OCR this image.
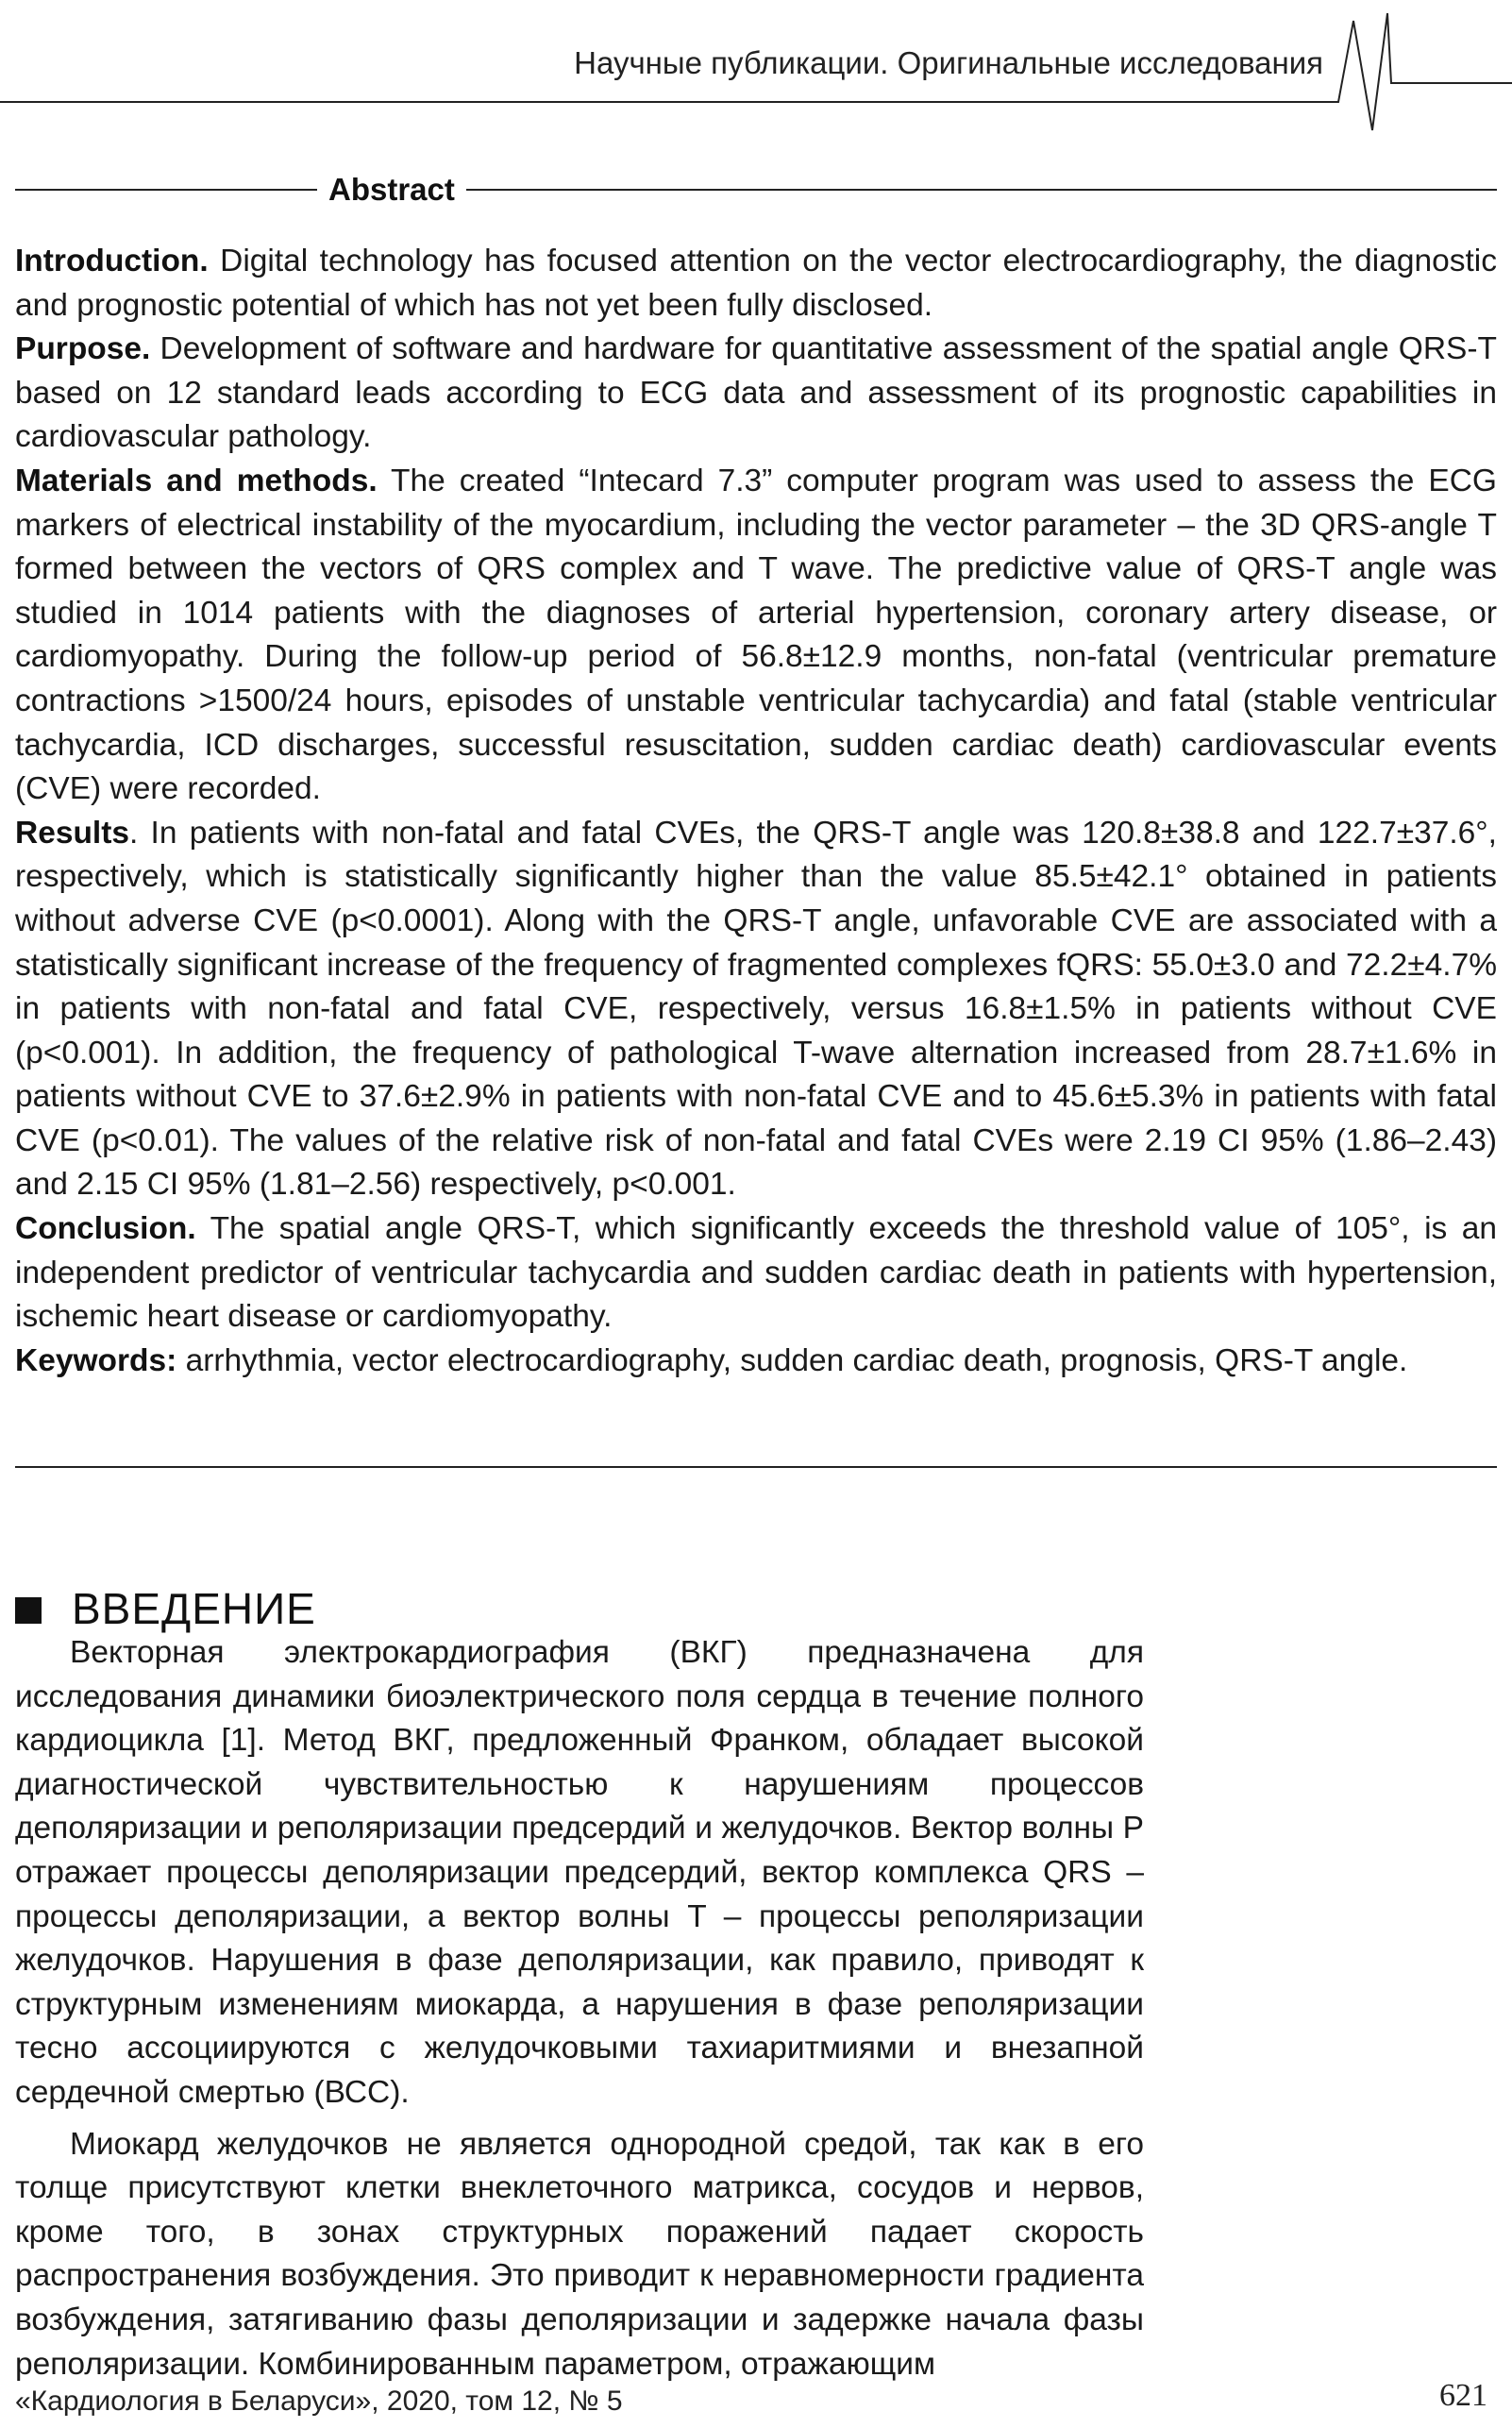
Научные публикации. Оригинальные исследования
Abstract

Introduction. Digital technology has focused attention on the vector electrocardiography, the diagnostic and prognostic potential of which has not yet been fully disclosed.

Purpose. Development of software and hardware for quantitative assessment of the spatial angle QRS-T based on 12 standard leads according to ECG data and assessment of its prognostic capabilities in cardiovascular pathology.

Materials and methods. The created “Intecard 7.3” computer program was used to assess the ECG markers of electrical instability of the myocardium, including the vector parameter – the 3D QRS-angle T formed between the vectors of QRS complex and T wave. The predictive value of QRS-T angle was studied in 1014 patients with the diagnoses of arterial hypertension, coronary artery disease, or cardiomyopathy. During the follow-up period of 56.8±12.9 months, non-fatal (ventricular premature contractions >1500/24 hours, episodes of unstable ventricular tachycardia) and fatal (stable ventricular tachycardia, ICD discharges, successful resuscitation, sudden cardiac death) cardiovascular events (CVE) were recorded.

Results. In patients with non-fatal and fatal CVEs, the QRS-T angle was 120.8±38.8 and 122.7±37.6°, respectively, which is statistically significantly higher than the value 85.5±42.1° obtained in patients without adverse CVE (p<0.0001). Along with the QRS-T angle, unfavorable CVE are associated with a statistically significant increase of the frequency of fragmented complexes fQRS: 55.0±3.0 and 72.2±4.7% in patients with non-fatal and fatal CVE, respectively, versus 16.8±1.5% in patients without CVE (p<0.001). In addition, the frequency of pathological T-wave alternation increased from 28.7±1.6% in patients without CVE to 37.6±2.9% in patients with non-fatal CVE and to 45.6±5.3% in patients with fatal CVE (p<0.01). The values of the relative risk of non-fatal and fatal CVEs were 2.19 CI 95% (1.86–2.43) and 2.15 CI 95% (1.81–2.56) respectively, p<0.001.

Conclusion. The spatial angle QRS-T, which significantly exceeds the threshold value of 105°, is an independent predictor of ventricular tachycardia and sudden cardiac death in patients with hypertension, ischemic heart disease or cardiomyopathy.

Keywords: arrhythmia, vector electrocardiography, sudden cardiac death, prognosis, QRS-T angle.

ВВЕДЕНИЕ

Векторная электрокардиография (ВКГ) предназначена для исследования динамики биоэлектрического поля сердца в течение полного кардиоцикла [1]. Метод ВКГ, предложенный Франком, обладает высокой диагностической чувствительностью к нарушениям процессов деполяризации и реполяризации предсердий и желудочков. Вектор волны P отражает процессы деполяризации предсердий, вектор комплекса QRS – процессы деполяризации, а вектор волны T – процессы реполяризации желудочков. Нарушения в фазе деполяризации, как правило, приводят к структурным изменениям миокарда, а нарушения в фазе реполяризации тесно ассоциируются с желудочковыми тахиаритмиями и внезапной сердечной смертью (ВСС).

Миокард желудочков не является однородной средой, так как в его толще присутствуют клетки внеклеточного матрикса, сосудов и нервов, кроме того, в зонах структурных поражений падает скорость распространения возбуждения. Это приводит к неравномерности градиента возбуждения, затягиванию фазы деполяризации и задержке начала фазы реполяризации. Комбинированным параметром, отражающим

«Кардиология в Беларуси», 2020, том 12, № 5	621
